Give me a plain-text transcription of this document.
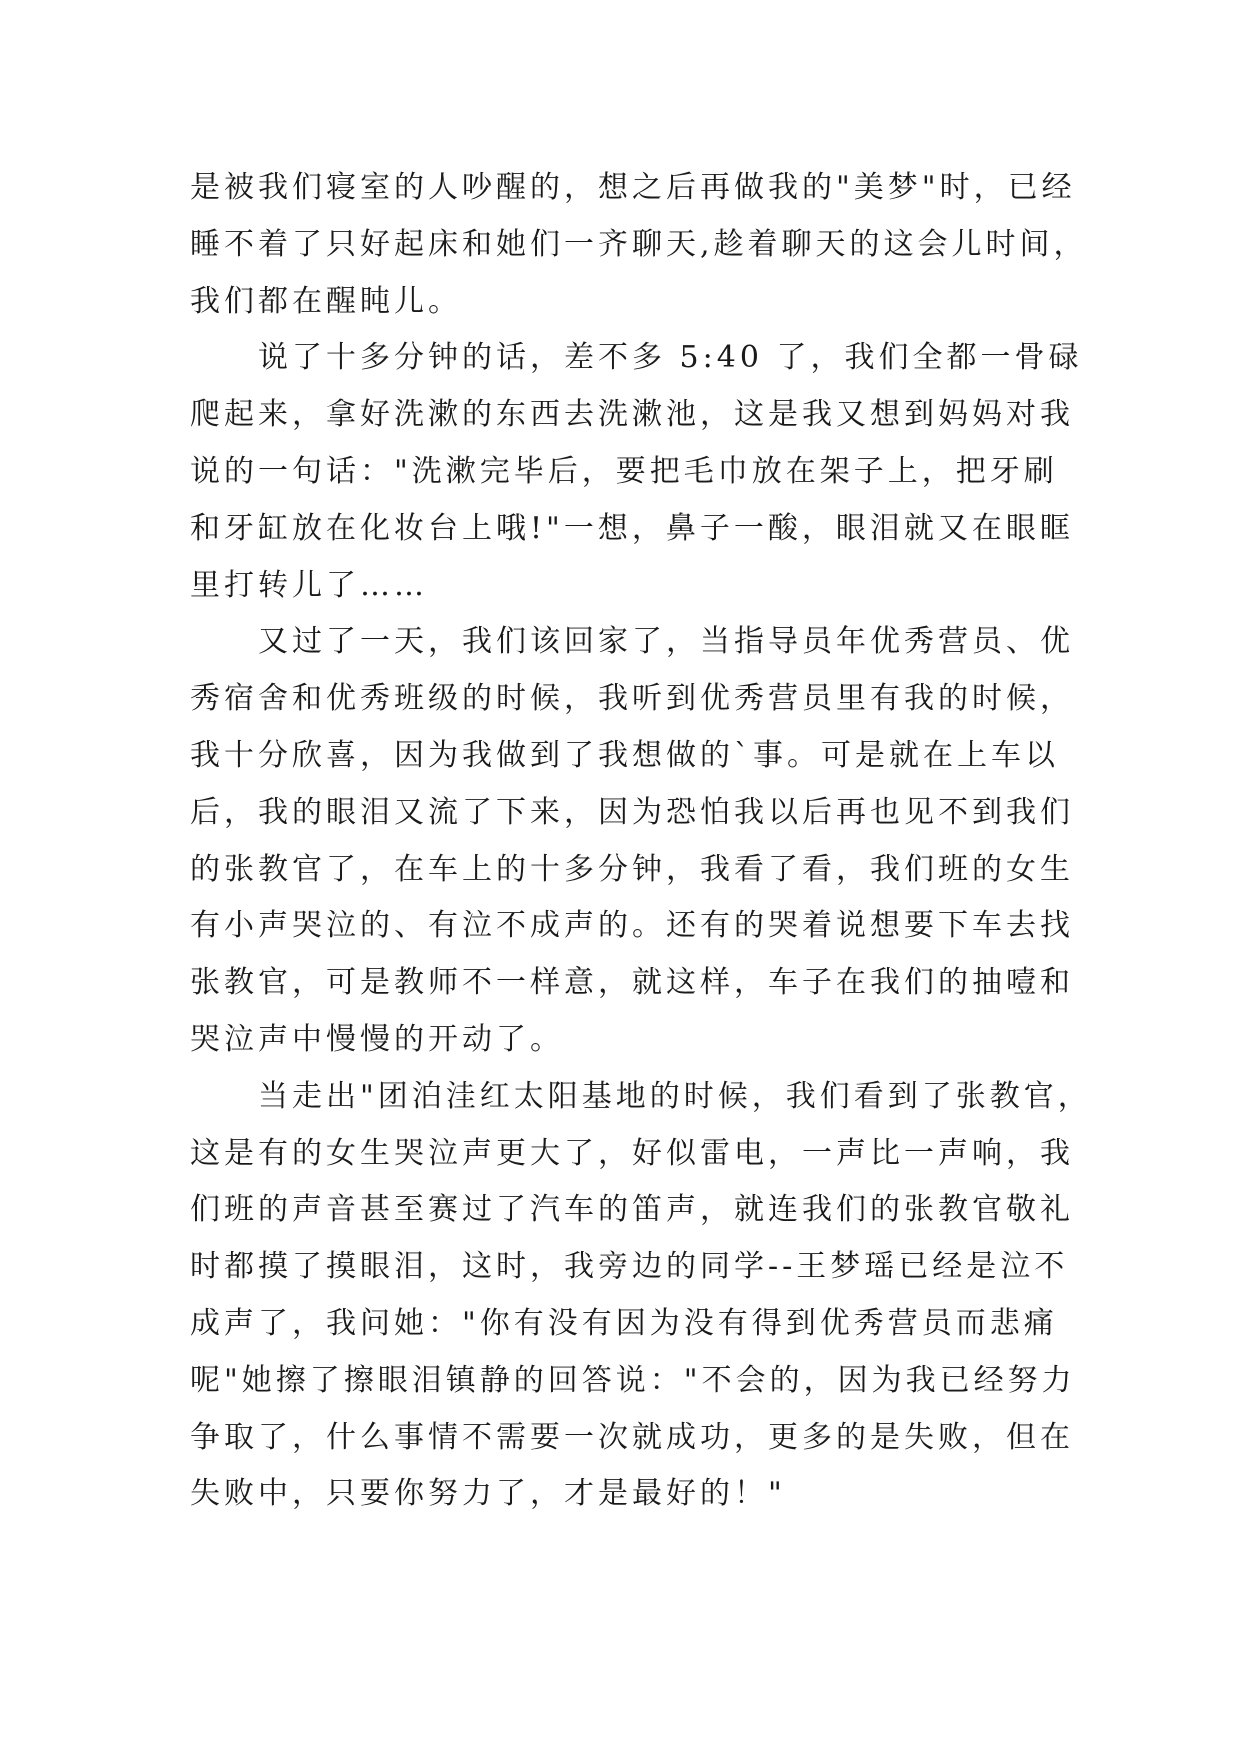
是被我们寝室的人吵醒的，想之后再做我的"美梦"时，已经
睡不着了只好起床和她们一齐聊天,趁着聊天的这会儿时间，
我们都在醒盹儿。
说了十多分钟的话，差不多 5:40 了，我们全都一骨碌
爬起来，拿好洗漱的东西去洗漱池，这是我又想到妈妈对我
说的一句话："洗漱完毕后，要把毛巾放在架子上，把牙刷
和牙缸放在化妆台上哦!"一想，鼻子一酸，眼泪就又在眼眶
里打转儿了……
又过了一天，我们该回家了，当指导员年优秀营员、优
秀宿舍和优秀班级的时候，我听到优秀营员里有我的时候，
我十分欣喜，因为我做到了我想做的`事。可是就在上车以
后，我的眼泪又流了下来，因为恐怕我以后再也见不到我们
的张教官了，在车上的十多分钟，我看了看，我们班的女生
有小声哭泣的、有泣不成声的。还有的哭着说想要下车去找
张教官，可是教师不一样意，就这样，车子在我们的抽噎和
哭泣声中慢慢的开动了。
当走出"团泊洼红太阳基地的时候，我们看到了张教官，
这是有的女生哭泣声更大了，好似雷电，一声比一声响，我
们班的声音甚至赛过了汽车的笛声，就连我们的张教官敬礼
时都摸了摸眼泪，这时，我旁边的同学--王梦瑶已经是泣不
成声了，我问她："你有没有因为没有得到优秀营员而悲痛
呢"她擦了擦眼泪镇静的回答说："不会的，因为我已经努力
争取了，什么事情不需要一次就成功，更多的是失败，但在
失败中，只要你努力了，才是最好的！"
